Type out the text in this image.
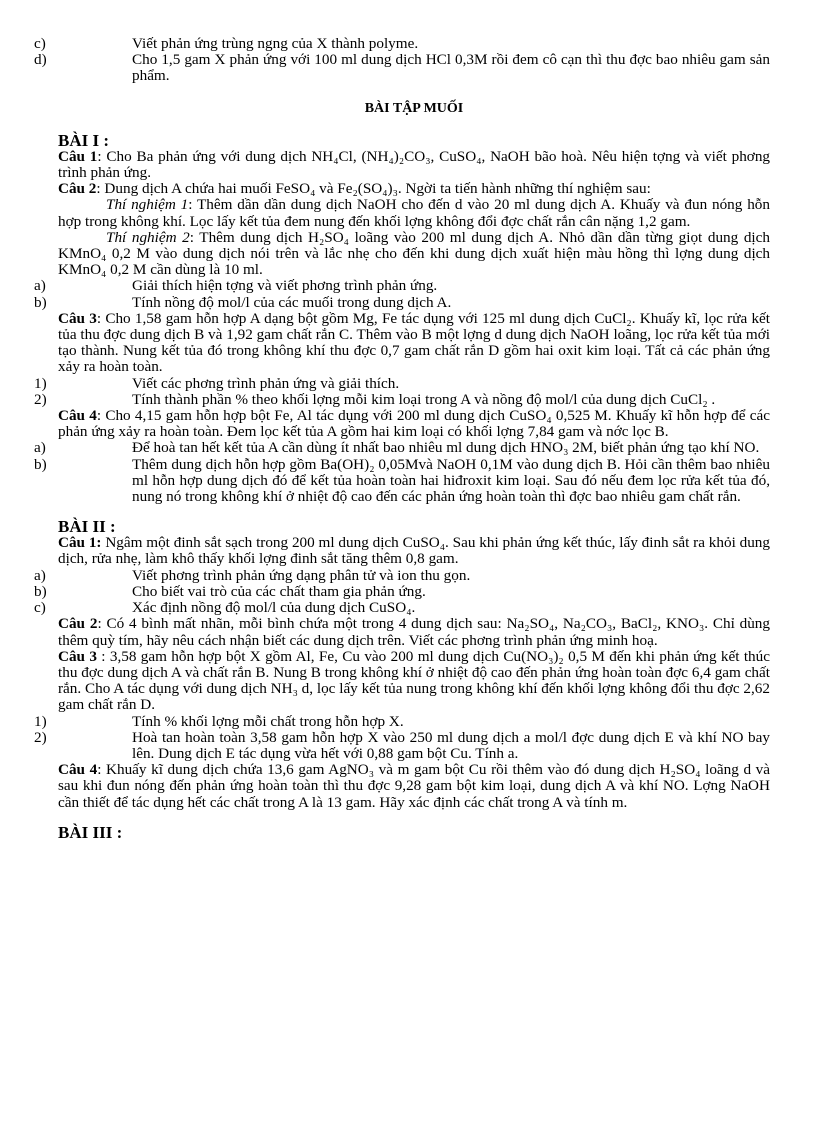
c)	Viết phản ứng trùng ngng của X thành polyme.
d)	Cho 1,5 gam X phản ứng với 100 ml dung dịch HCl 0,3M rồi đem cô cạn thì thu đợc bao nhiêu gam sản phẩm.
BÀI TẬP MUỐI
BÀI I :

Câu 1: Cho Ba phản ứng với dung dịch NH₄Cl, (NH₄)₂CO₃, CuSO₄, NaOH bão hoà. Nêu hiện tợng và viết phơng trình phản ứng.

Câu 2: Dung dịch A chứa hai muối FeSO₄ và Fe₂(SO₄)₃. Ngời ta tiến hành những thí nghiệm sau:

Thí nghiệm 1: Thêm dần dần dung dịch NaOH cho đến d vào 20 ml dung dịch A. Khuấy và đun nóng hỗn hợp trong không khí. Lọc lấy kết tủa đem nung đến khối lợng không đổi đợc chất rắn cân nặng 1,2 gam.

Thí nghiệm 2: Thêm dung dịch H₂SO₄ loãng vào 200 ml dung dịch A. Nhỏ dần dần từng giọt dung dịch KMnO₄ 0,2 M vào dung dịch nói trên và lắc nhẹ cho đến khi dung dịch xuất hiện màu hồng thì lợng dung dịch KMnO₄ 0,2 M cần dùng là 10 ml.

a)	Giải thích hiện tợng và viết phơng trình phản ứng.
b)	Tính nồng độ mol/l của các muối trong dung dịch A.

Câu 3: Cho 1,58 gam hỗn hợp A dạng bột gồm Mg, Fe tác dụng với 125 ml dung dịch CuCl₂. Khuấy kĩ, lọc rửa kết tủa thu đợc dung dịch B và 1,92 gam chất rắn C. Thêm vào B một lợng d dung dịch NaOH loãng, lọc rửa kết tủa mới tạo thành. Nung kết tủa đó trong không khí thu đợc 0,7 gam chất rắn D gồm hai oxit kim loại. Tất cả các phản ứng xảy ra hoàn toàn.

1)	Viết các phơng trình phản ứng và giải thích.
2)	Tính thành phần % theo khối lợng mỗi kim loại trong A và nồng độ mol/l của dung dịch CuCl₂ .

Câu 4: Cho 4,15 gam hỗn hợp bột Fe, Al tác dụng với 200 ml dung dịch CuSO₄ 0,525 M. Khuấy kĩ hỗn hợp để các phản ứng xảy ra hoàn toàn. Đem lọc kết tủa A gồm hai kim loại có khối lợng 7,84 gam và nớc lọc B.

a)	Để hoà tan hết kết tủa A cần dùng ít nhất bao nhiêu ml dung dịch HNO₃ 2M, biết phản ứng tạo khí NO.
b)	Thêm dung dịch hỗn hợp gồm Ba(OH)₂ 0,05Mvà NaOH 0,1M vào dung dịch B. Hỏi cần thêm bao nhiêu ml hỗn hợp dung dịch đó để kết tủa hoàn toàn hai hiđroxit kim loại. Sau đó nếu đem lọc rửa kết tủa đó, nung nó trong không khí ở nhiệt độ cao đến các phản ứng hoàn toàn thì đợc bao nhiêu gam chất rắn.
BÀI II :

Câu 1: Ngâm một đinh sắt sạch trong 200 ml dung dịch CuSO₄. Sau khi phản ứng kết thúc, lấy đinh sắt ra khỏi dung dịch, rửa nhẹ, làm khô thấy khối lợng đinh sắt tăng thêm 0,8 gam.

a)	Viết phơng trình phản ứng dạng phân tử và ion thu gọn.
b)	Cho biết vai trò của các chất tham gia phản ứng.
c)	Xác định nồng độ mol/l của dung dịch CuSO₄.

Câu 2: Có 4 bình mất nhãn, mỗi bình chứa một trong 4 dung dịch sau: Na₂SO₄, Na₂CO₃, BaCl₂, KNO₃. Chỉ dùng thêm quỳ tím, hãy nêu cách nhận biết các dung dịch trên. Viết các phơng trình phản ứng minh hoạ.

Câu 3 : 3,58 gam hỗn hợp bột X gồm Al, Fe, Cu vào 200 ml dung dịch Cu(NO₃)₂ 0,5 M đến khi phản ứng kết thúc thu đợc dung dịch A và chất rắn B. Nung B trong không khí ở nhiệt độ cao đến phản ứng hoàn toàn đợc 6,4 gam chất rắn. Cho A tác dụng với dung dịch NH₃ d, lọc lấy kết tủa nung trong không khí đến khối lợng không đổi thu đợc 2,62 gam chất rắn D.

1)	Tính % khối lợng mỗi chất trong hỗn hợp X.
2)	Hoà tan hoàn toàn 3,58 gam hỗn hợp X vào 250 ml dung dịch a mol/l đợc dung dịch E và khí NO bay lên. Dung dịch E tác dụng vừa hết với 0,88 gam bột Cu. Tính a.

Câu 4: Khuấy kĩ dung dịch chứa 13,6 gam AgNO₃ và m gam bột Cu rồi thêm vào đó dung dịch H₂SO₄ loãng d và sau khi đun nóng đến phản ứng hoàn toàn thì thu đợc 9,28 gam bột kim loại, dung dịch A và khí NO. Lợng NaOH cần thiết để tác dụng hết các chất trong A là 13 gam. Hãy xác định các chất trong A và tính m.

BÀI III :
